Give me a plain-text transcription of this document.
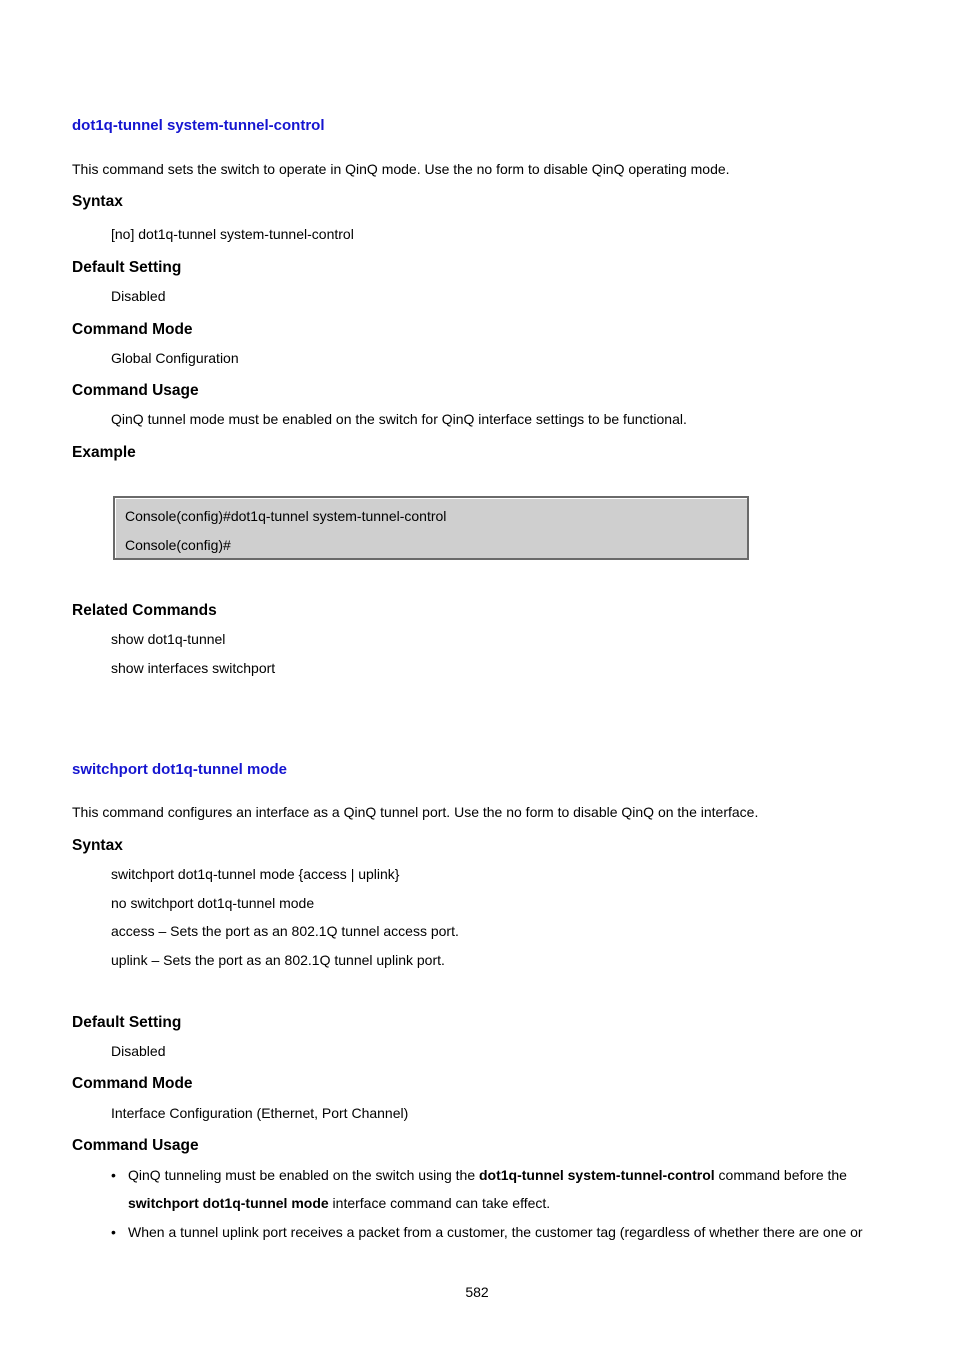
dot1q-tunnel system-tunnel-control
This command sets the switch to operate in QinQ mode. Use the no form to disable QinQ operating mode.
Syntax
[no] dot1q-tunnel system-tunnel-control
Default Setting
Disabled
Command Mode
Global Configuration
Command Usage
QinQ tunnel mode must be enabled on the switch for QinQ interface settings to be functional.
Example
Console(config)#dot1q-tunnel system-tunnel-control
Console(config)#
Related Commands
show dot1q-tunnel
show interfaces switchport
switchport dot1q-tunnel mode
This command configures an interface as a QinQ tunnel port. Use the no form to disable QinQ on the interface.
Syntax
switchport dot1q-tunnel mode {access | uplink}
no switchport dot1q-tunnel mode
access – Sets the port as an 802.1Q tunnel access port.
uplink – Sets the port as an 802.1Q tunnel uplink port.
Default Setting
Disabled
Command Mode
Interface Configuration (Ethernet, Port Channel)
Command Usage
• QinQ tunneling must be enabled on the switch using the dot1q-tunnel system-tunnel-control command before the
switchport dot1q-tunnel mode interface command can take effect.
• When a tunnel uplink port receives a packet from a customer, the customer tag (regardless of whether there are one or
582
